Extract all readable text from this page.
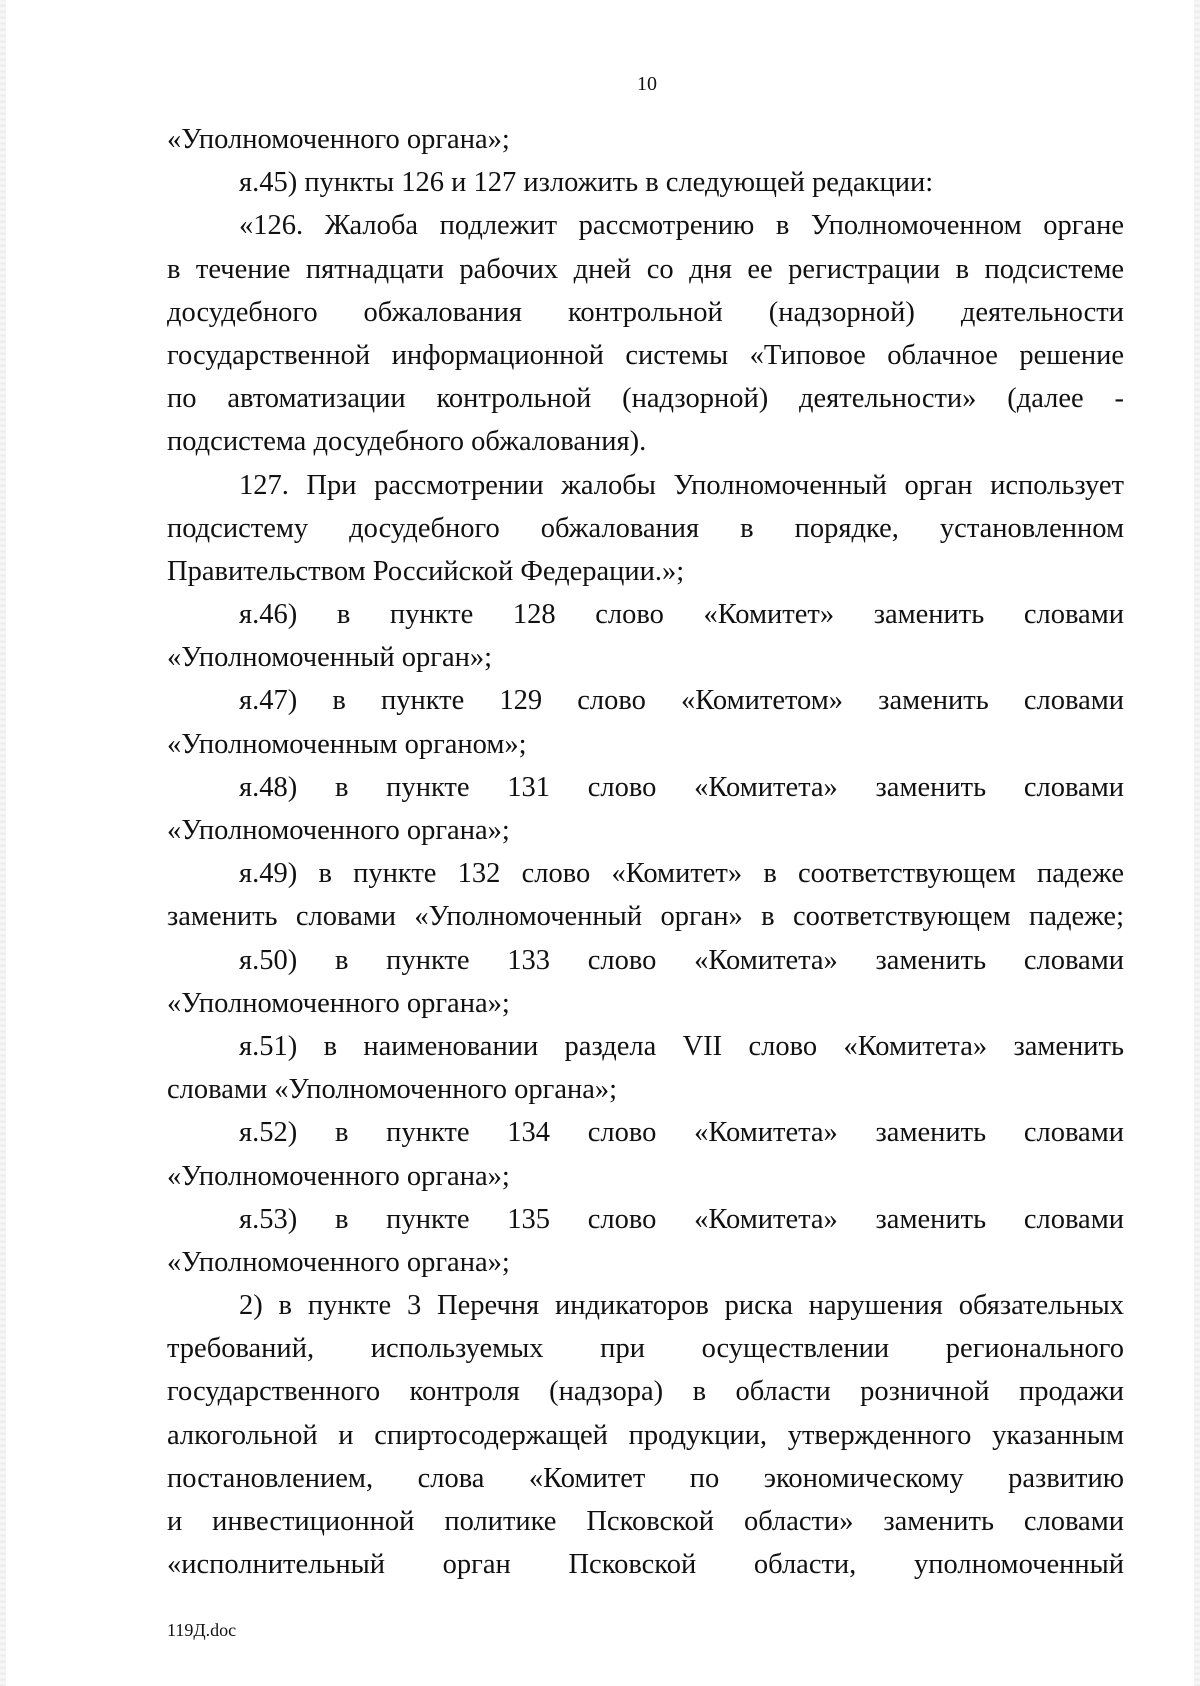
10
«Уполномоченного органа»;
я.45) пункты 126 и 127 изложить в следующей редакции:
«126. Жалоба подлежит рассмотрению в Уполномоченном органе
в течение пятнадцати рабочих дней со дня ее регистрации в подсистеме
досудебного обжалования контрольной (надзорной) деятельности
государственной информационной системы «Типовое облачное решение
по автоматизации контрольной (надзорной) деятельности» (далее -
подсистема досудебного обжалования).
127. При рассмотрении жалобы Уполномоченный орган использует
подсистему досудебного обжалования в порядке, установленном
Правительством Российской Федерации.»;
я.46) в пункте 128 слово «Комитет» заменить словами
«Уполномоченный орган»;
я.47) в пункте 129 слово «Комитетом» заменить словами
«Уполномоченным органом»;
я.48) в пункте 131 слово «Комитета» заменить словами
«Уполномоченного органа»;
я.49) в пункте 132 слово «Комитет» в соответствующем падеже
заменить словами «Уполномоченный орган» в соответствующем падеже;
я.50) в пункте 133 слово «Комитета» заменить словами
«Уполномоченного органа»;
я.51) в наименовании раздела VII слово «Комитета» заменить
словами «Уполномоченного органа»;
я.52) в пункте 134 слово «Комитета» заменить словами
«Уполномоченного органа»;
я.53) в пункте 135 слово «Комитета» заменить словами
«Уполномоченного органа»;
2) в пункте 3 Перечня индикаторов риска нарушения обязательных
требований, используемых при осуществлении регионального
государственного контроля (надзора) в области розничной продажи
алкогольной и спиртосодержащей продукции, утвержденного указанным
постановлением, слова «Комитет по экономическому развитию
и инвестиционной политике Псковской области» заменить словами
«исполнительный орган Псковской области, уполномоченный
119Д.doc
